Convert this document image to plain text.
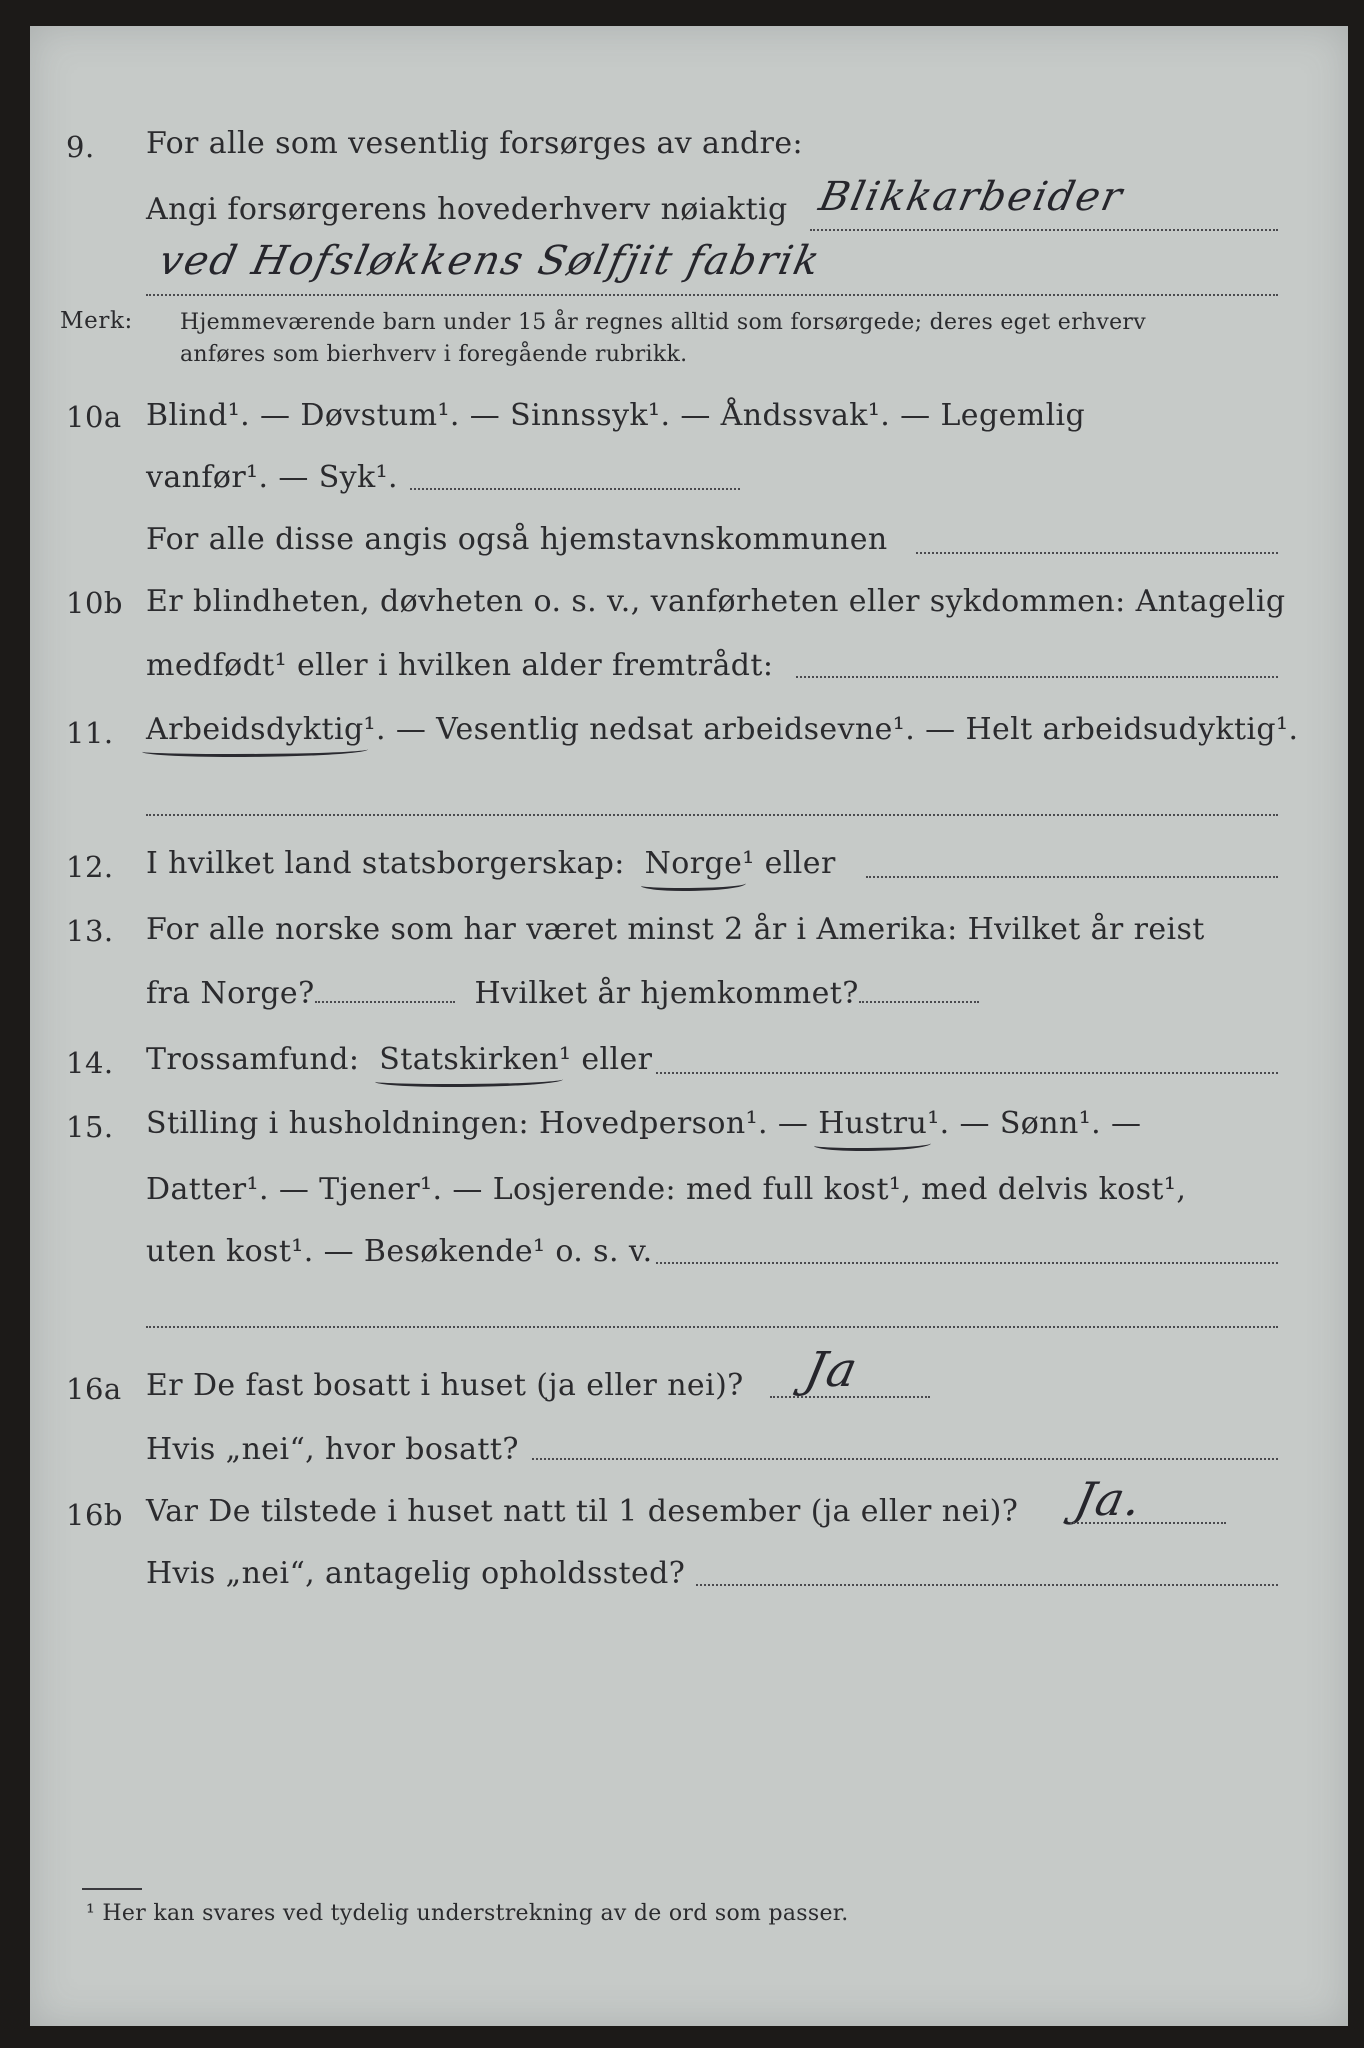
9. For alle som vesentlig forsørges av andre:
Angi forsørgerens hovederhverv nøiaktig Blikkarbeider
ved Hofsløkkens Sølfjit fabrik
Merk: Hjemmeværende barn under 15 år regnes alltid som forsørgede; deres eget erhverv
anføres som bierhverv i foregående rubrikk.
10a Blind¹. — Døvstum¹. — Sinnssyk¹. — Åndssvak¹. — Legemlig
vanfør¹. — Syk¹.
For alle disse angis også hjemstavnskommunen
10b Er blindheten, døvheten o. s. v., vanførheten eller sykdommen: Antagelig
medfødt¹ eller i hvilken alder fremtrådt:
11. Arbeidsdyktig
¹. — Vesentlig nedsat arbeidsevne¹. — Helt arbeidsudyktig¹.
12. I hvilket land statsborgerskap: Norge
¹ eller
13. For alle norske som har været minst 2 år i Amerika: Hvilket år reist
fra Norge?	Hvilket år hjemkommet?
14. Trossamfund: Statskirken
¹ eller
15. Stilling i husholdningen: Hovedperson¹. — Hustru
¹. — Sønn¹. —
Datter¹. — Tjener¹. — Losjerende: med full kost¹, med delvis kost¹,
uten kost¹. — Besøkende¹ o. s. v.
16a Er De fast bosatt i huset (ja eller nei)? Ja
Hvis „nei“, hvor bosatt?
16b Var De tilstede i huset natt til 1 desember (ja eller nei)? Ja.
Hvis „nei“, antagelig opholdssted?
¹ Her kan svares ved tydelig understrekning av de ord som passer.
